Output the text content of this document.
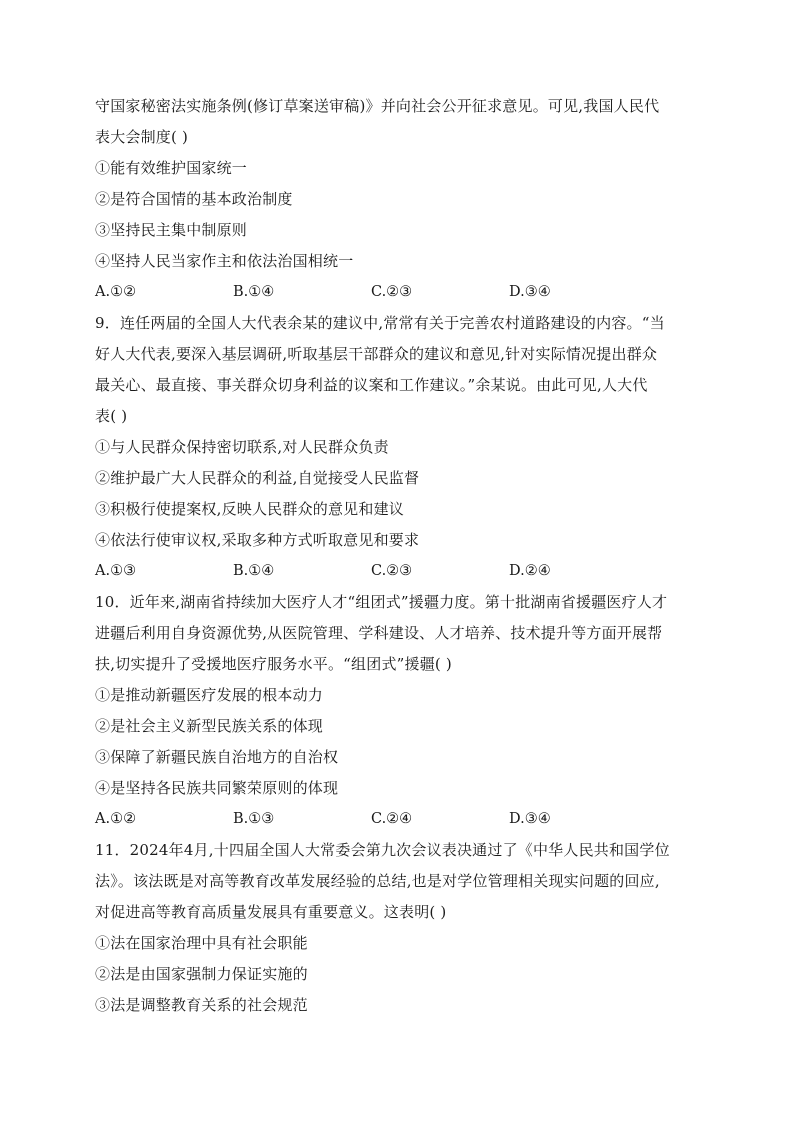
守国家秘密法实施条例(修订草案送审稿)》并向社会公开征求意见。可见,我国人民代
表大会制度( )
①能有效维护国家统一
②是符合国情的基本政治制度
③坚持民主集中制原则
④坚持人民当家作主和依法治国相统一
A.①②	B.①④	C.②③	D.③④
9．连任两届的全国人大代表余某的建议中,常常有关于完善农村道路建设的内容。“当
好人大代表,要深入基层调研,听取基层干部群众的建议和意见,针对实际情况提出群众
最关心、最直接、事关群众切身利益的议案和工作建议。”余某说。由此可见,人大代
表( )
①与人民群众保持密切联系,对人民群众负责
②维护最广大人民群众的利益,自觉接受人民监督
③积极行使提案权,反映人民群众的意见和建议
④依法行使审议权,采取多种方式听取意见和要求
A.①③	B.①④	C.②③	D.②④
10．近年来,湖南省持续加大医疗人才“组团式”援疆力度。第十批湖南省援疆医疗人才
进疆后利用自身资源优势,从医院管理、学科建设、人才培养、技术提升等方面开展帮
扶,切实提升了受援地医疗服务水平。“组团式”援疆( )
①是推动新疆医疗发展的根本动力
②是社会主义新型民族关系的体现
③保障了新疆民族自治地方的自治权
④是坚持各民族共同繁荣原则的体现
A.①②	B.①③	C.②④	D.③④
11．2024年4月,十四届全国人大常委会第九次会议表决通过了《中华人民共和国学位
法》。该法既是对高等教育改革发展经验的总结,也是对学位管理相关现实问题的回应,
对促进高等教育高质量发展具有重要意义。这表明( )
①法在国家治理中具有社会职能
②法是由国家强制力保证实施的
③法是调整教育关系的社会规范
